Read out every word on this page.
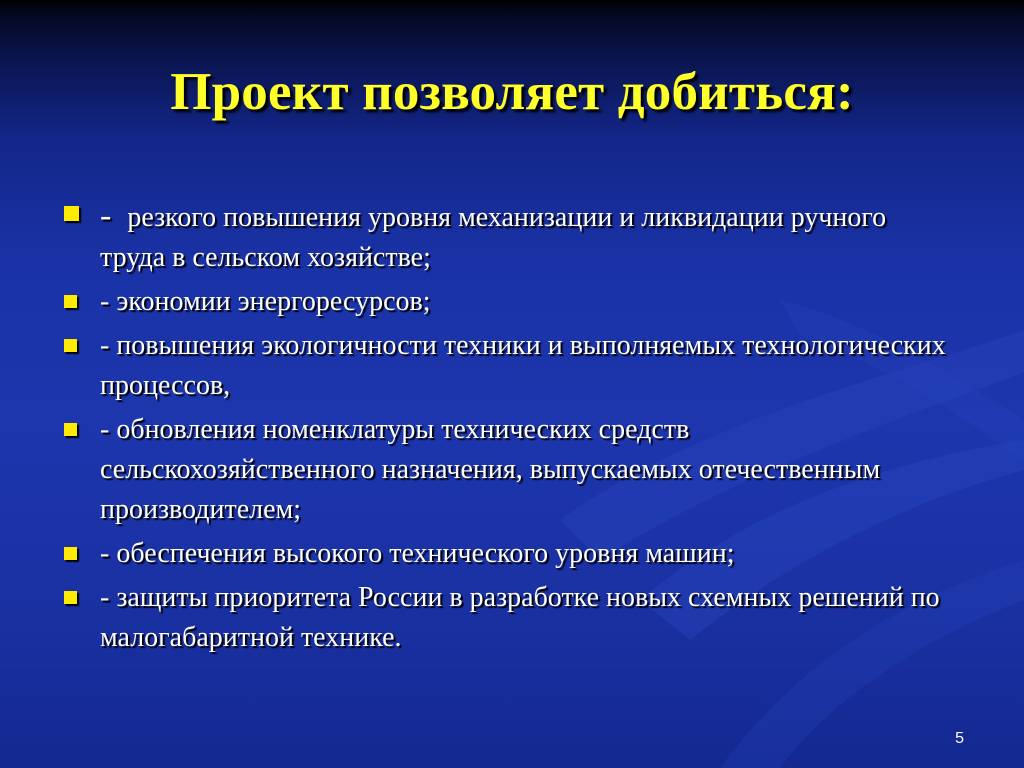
Проект позволяет добиться:
- резкого повышения уровня механизации и ликвидации ручного труда в сельском хозяйстве;
- экономии энергоресурсов;
- повышения экологичности техники и выполняемых технологических процессов,
- обновления номенклатуры технических средств сельскохозяйственного назначения, выпускаемых отечественным производителем;
- обеспечения высокого технического уровня машин;
- защиты приоритета России в разработке новых схемных решений по малогабаритной технике.
5
